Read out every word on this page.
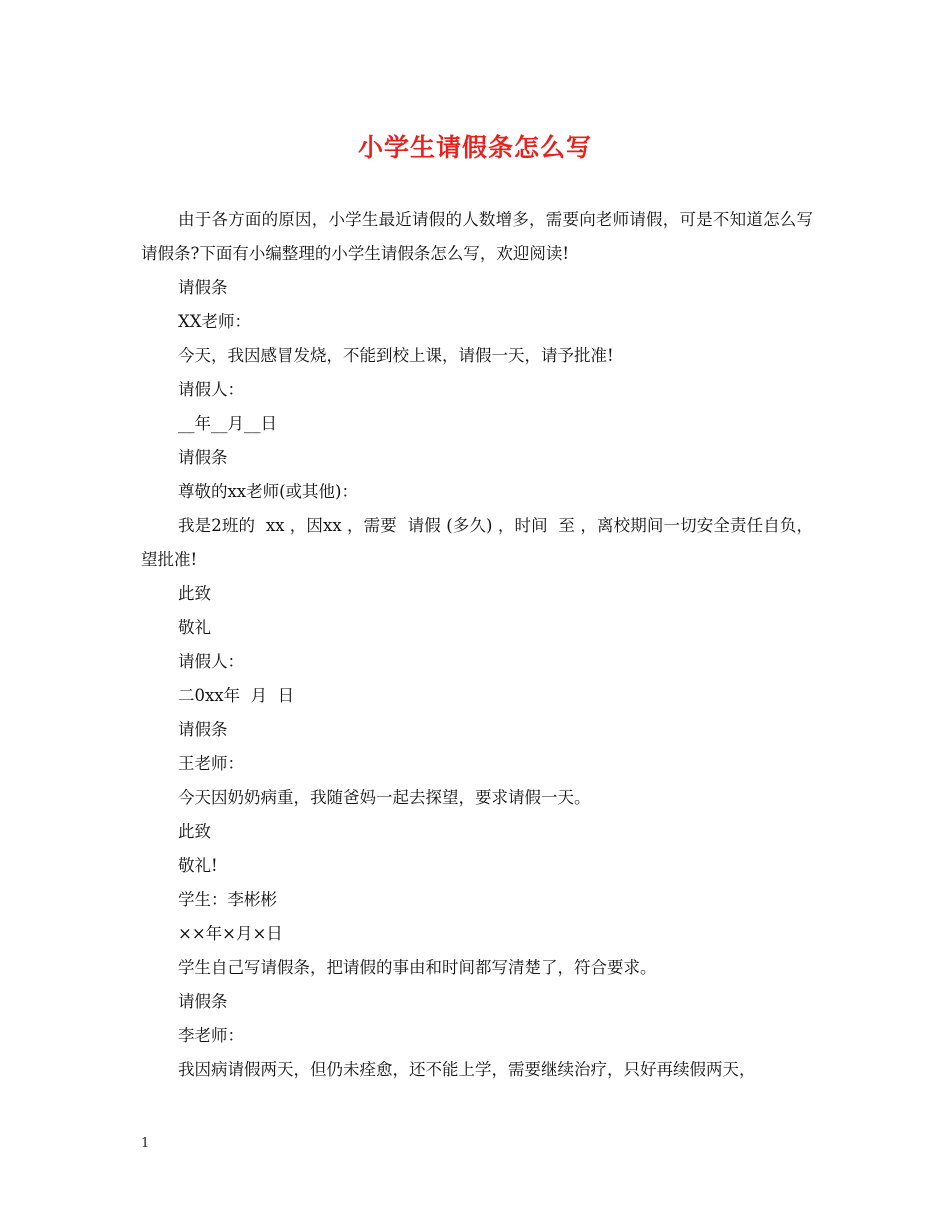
小学生请假条怎么写

由于各方面的原因，小学生最近请假的人数增多，需要向老师请假，可是不知道怎么写请假条?下面有小编整理的小学生请假条怎么写，欢迎阅读!

请假条

XX老师：

今天，我因感冒发烧，不能到校上课，请假一天，请予批准!

请假人：

__年__月__日

请假条

尊敬的xx老师(或其他)：

我是2班的  xx ，因xx ，需要  请假 (多久) ，时间  至 ，离校期间一切安全责任自负，望批准!

此致

敬礼

请假人：

二0xx年  月  日

请假条

王老师：

今天因奶奶病重，我随爸妈一起去探望，要求请假一天。

此致

敬礼!

学生：李彬彬

××年×月×日

学生自己写请假条，把请假的事由和时间都写清楚了，符合要求。

请假条

李老师：

我因病请假两天，但仍未痊愈，还不能上学，需要继续治疗，只好再续假两天，

1
